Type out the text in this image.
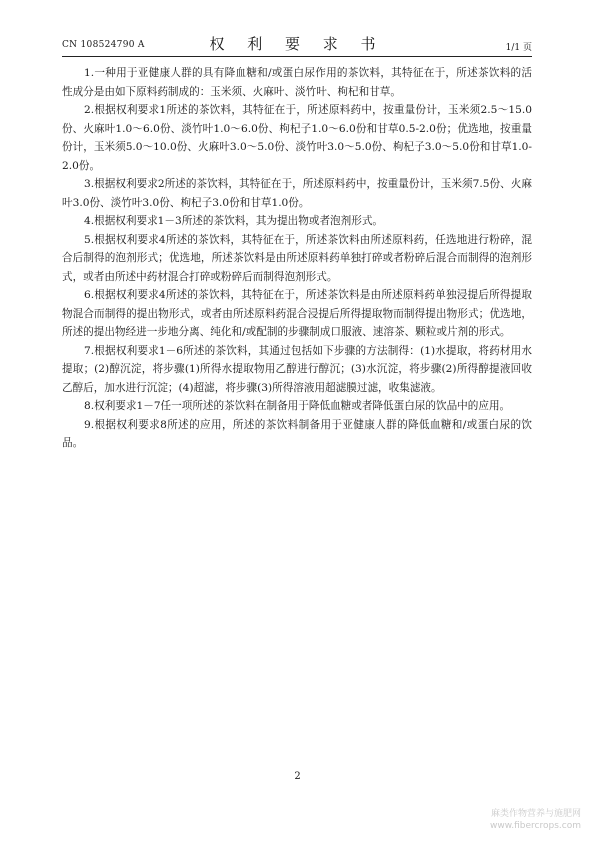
CN 108524790 A	权 利 要 求 书	1/1 页

1.一种用于亚健康人群的具有降血糖和/或蛋白尿作用的茶饮料，其特征在于，所述茶饮料的活性成分是由如下原料药制成的：玉米须、火麻叶、淡竹叶、枸杞和甘草。

2.根据权利要求1所述的茶饮料，其特征在于，所述原料药中，按重量份计，玉米须2.5～15.0份、火麻叶1.0～6.0份、淡竹叶1.0～6.0份、枸杞子1.0～6.0份和甘草0.5-2.0份；优选地，按重量份计，玉米须5.0～10.0份、火麻叶3.0～5.0份、淡竹叶3.0～5.0份、枸杞子3.0～5.0份和甘草1.0-2.0份。

3.根据权利要求2所述的茶饮料，其特征在于，所述原料药中，按重量份计，玉米须7.5份、火麻叶3.0份、淡竹叶3.0份、枸杞子3.0份和甘草1.0份。

4.根据权利要求1－3所述的茶饮料，其为提出物或者泡剂形式。

5.根据权利要求4所述的茶饮料，其特征在于，所述茶饮料由所述原料药，任选地进行粉碎，混合后制得的泡剂形式；优选地，所述茶饮料是由所述原料药单独打碎或者粉碎后混合而制得的泡剂形式，或者由所述中药材混合打碎或粉碎后而制得泡剂形式。

6.根据权利要求4所述的茶饮料，其特征在于，所述茶饮料是由所述原料药单独浸提后所得提取物混合而制得的提出物形式，或者由所述原料药混合浸提后所得提取物而制得提出物形式；优选地，所述的提出物经进一步地分离、纯化和/或配制的步骤制成口服液、速溶茶、颗粒或片剂的形式。

7.根据权利要求1－6所述的茶饮料，其通过包括如下步骤的方法制得：(1)水提取，将药材用水提取；(2)醇沉淀，将步骤(1)所得水提取物用乙醇进行醇沉；(3)水沉淀，将步骤(2)所得醇提液回收乙醇后，加水进行沉淀；(4)超滤，将步骤(3)所得溶液用超滤膜过滤，收集滤液。

8.权利要求1－7任一项所述的茶饮料在制备用于降低血糖或者降低蛋白尿的饮品中的应用。

9.根据权利要求8所述的应用，所述的茶饮料制备用于亚健康人群的降低血糖和/或蛋白尿的饮品。

2
麻类作物营养与施肥网
www.fibercrops.com
